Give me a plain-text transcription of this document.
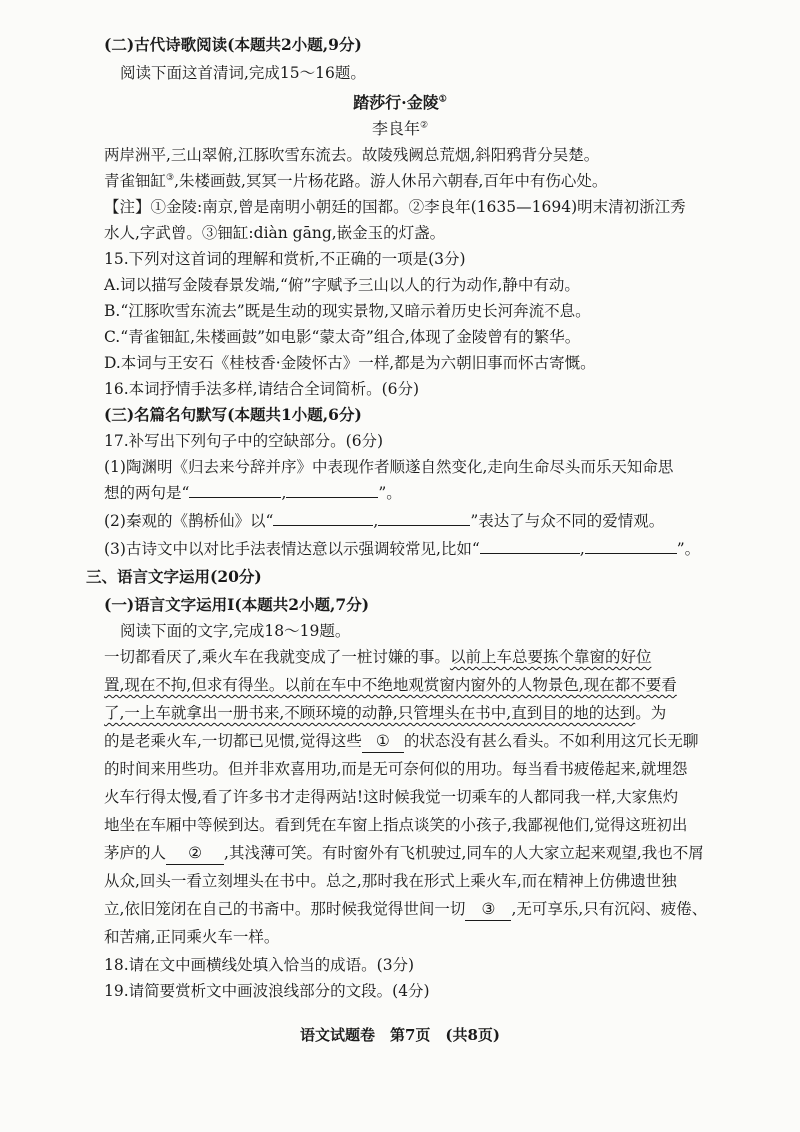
(二)古代诗歌阅读(本题共2小题,9分)
阅读下面这首清词,完成15～16题。
踏莎行·金陵①
李良年②
两岸洲平,三山翠俯,江豚吹雪东流去。故陵残阙总荒烟,斜阳鸦背分吴楚。
青雀钿缸③,朱楼画鼓,冥冥一片杨花路。游人休吊六朝春,百年中有伤心处。
【注】①金陵:南京,曾是南明小朝廷的国都。②李良年(1635—1694)明末清初浙江秀
水人,字武曾。③钿缸:diàn gāng,嵌金玉的灯盏。
15.下列对这首词的理解和赏析,不正确的一项是(3分)
A.词以描写金陵春景发端,“俯”字赋予三山以人的行为动作,静中有动。
B.“江豚吹雪东流去”既是生动的现实景物,又暗示着历史长河奔流不息。
C.“青雀钿缸,朱楼画鼓”如电影“蒙太奇”组合,体现了金陵曾有的繁华。
D.本词与王安石《桂枝香·金陵怀古》一样,都是为六朝旧事而怀古寄慨。
16.本词抒情手法多样,请结合全词简析。(6分)
(三)名篇名句默写(本题共1小题,6分)
17.补写出下列句子中的空缺部分。(6分)
(1)陶渊明《归去来兮辞并序》中表现作者顺遂自然变化,走向生命尽头而乐天知命思
想的两句是“	,	”。
(2)秦观的《鹊桥仙》以“	,	”表达了与众不同的爱情观。
(3)古诗文中以对比手法表情达意以示强调较常见,比如“	,	”。
三、语言文字运用(20分)
(一)语言文字运用Ⅰ(本题共2小题,7分)
阅读下面的文字,完成18～19题。
一切都看厌了,乘火车在我就变成了一桩讨嫌的事。以前上车总要拣个靠窗的好位
置,现在不拘,但求有得坐。以前在车中不绝地观赏窗内窗外的人物景色,现在都不要看
了,一上车就拿出一册书来,不顾环境的动静,只管埋头在书中,直到目的地的达到。为
的是老乘火车,一切都已见惯,觉得这些 ① 的状态没有甚么看头。不如利用这冗长无聊
的时间来用些功。但并非欢喜用功,而是无可奈何似的用功。每当看书疲倦起来,就埋怨
火车行得太慢,看了许多书才走得两站!这时候我觉一切乘车的人都同我一样,大家焦灼
地坐在车厢中等候到达。看到凭在车窗上指点谈笑的小孩子,我鄙视他们,觉得这班初出
茅庐的人 ② ,其浅薄可笑。有时窗外有飞机驶过,同车的人大家立起来观望,我也不屑
从众,回头一看立刻埋头在书中。总之,那时我在形式上乘火车,而在精神上仿佛遗世独
立,依旧笼闭在自己的书斋中。那时候我觉得世间一切 ③ ,无可享乐,只有沉闷、疲倦、
和苦痛,正同乘火车一样。
18.请在文中画横线处填入恰当的成语。(3分)
19.请简要赏析文中画波浪线部分的文段。(4分)
语文试题卷　第7页　(共8页)
